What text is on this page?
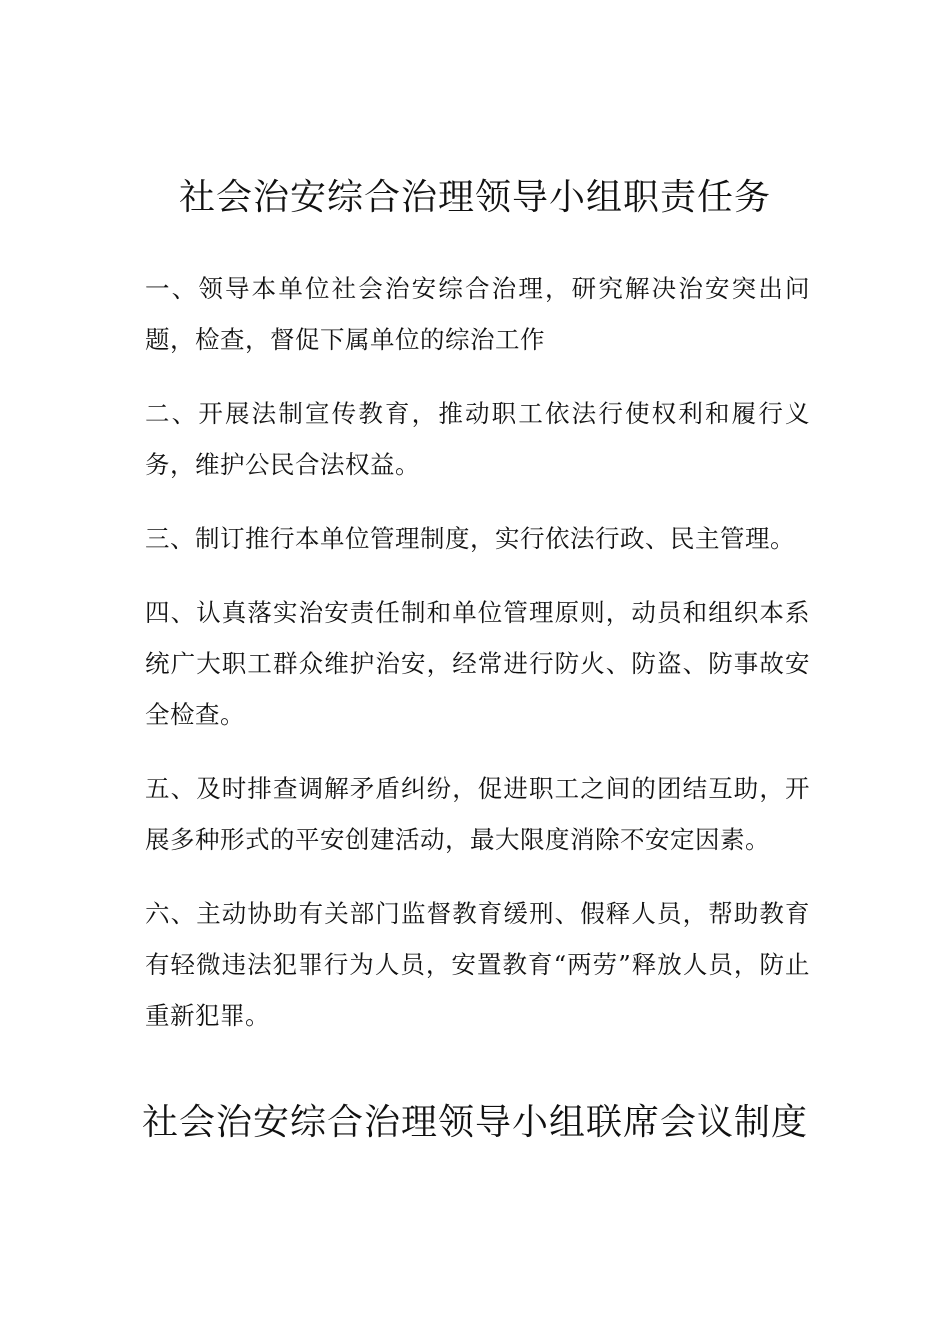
社会治安综合治理领导小组职责任务

一、领导本单位社会治安综合治理，研究解决治安突出问题，检查，督促下属单位的综治工作

二、开展法制宣传教育，推动职工依法行使权利和履行义务，维护公民合法权益。

三、制订推行本单位管理制度，实行依法行政、民主管理。

四、认真落实治安责任制和单位管理原则，动员和组织本系统广大职工群众维护治安，经常进行防火、防盗、防事故安全检查。

五、及时排查调解矛盾纠纷，促进职工之间的团结互助，开展多种形式的平安创建活动，最大限度消除不安定因素。

六、主动协助有关部门监督教育缓刑、假释人员，帮助教育有轻微违法犯罪行为人员，安置教育“两劳”释放人员，防止重新犯罪。

社会治安综合治理领导小组联席会议制度
